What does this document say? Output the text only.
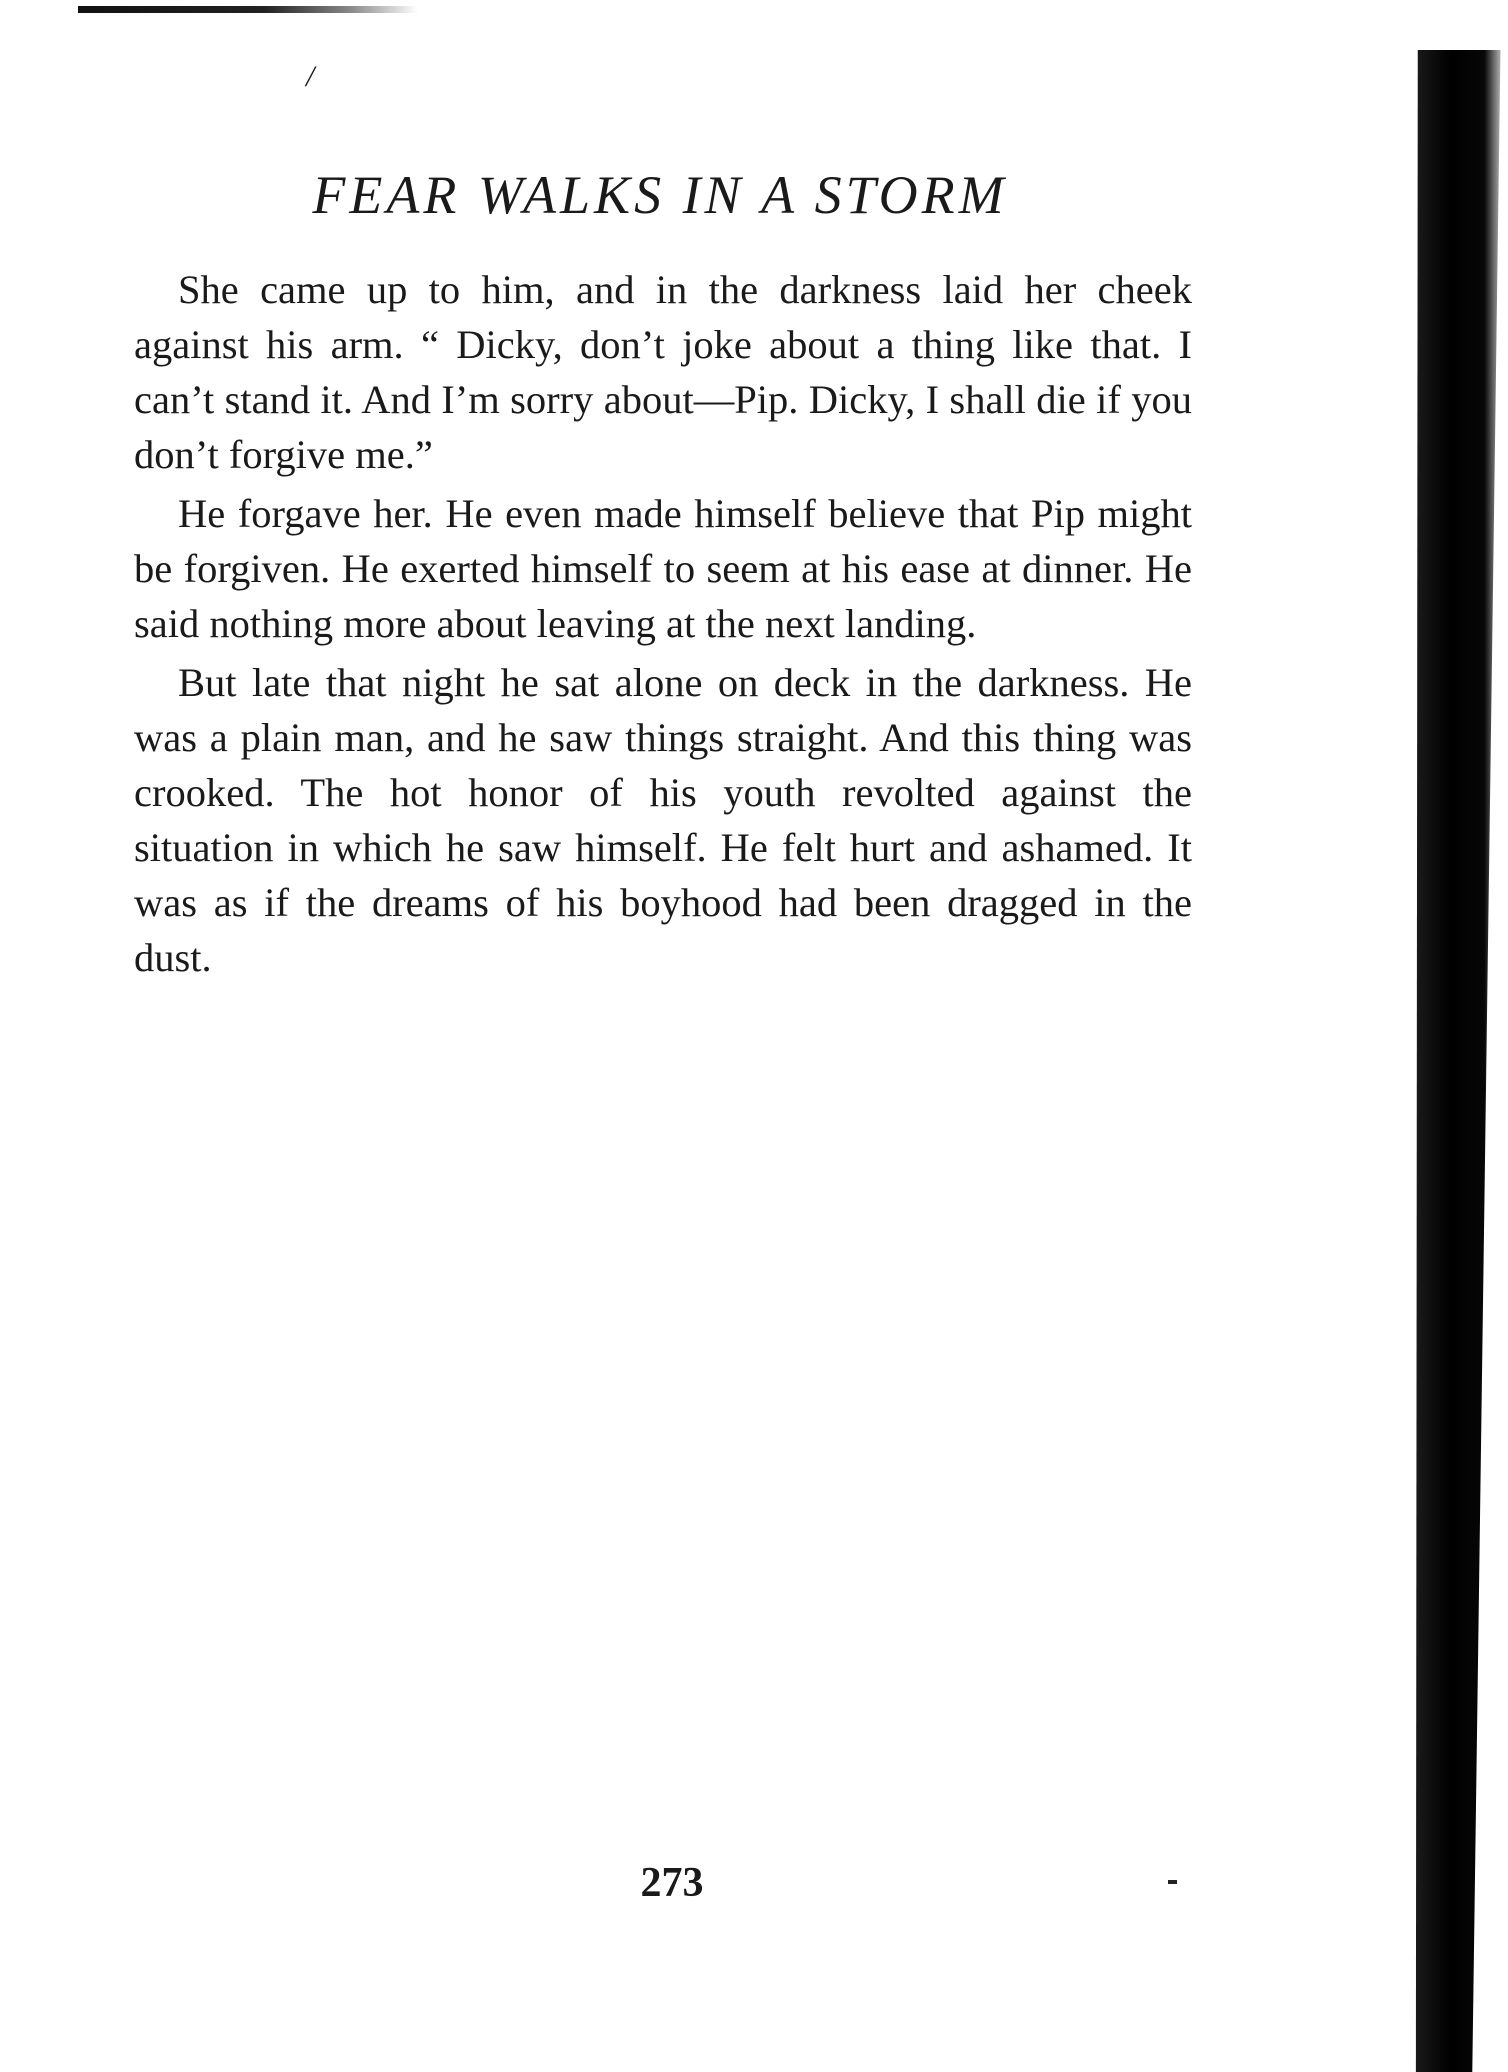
/
FEAR WALKS IN A STORM

She came up to him, and in the darkness laid her cheek against his arm. “ Dicky, don’t joke about a thing like that. I can’t stand it. And I’m sorry about—Pip. Dicky, I shall die if you don’t forgive me.”

He forgave her. He even made himself believe that Pip might be forgiven. He exerted himself to seem at his ease at dinner. He said nothing more about leaving at the next landing.

But late that night he sat alone on deck in the darkness. He was a plain man, and he saw things straight. And this thing was crooked. The hot honor of his youth revolted against the situation in which he saw himself. He felt hurt and ashamed. It was as if the dreams of his boyhood had been dragged in the dust.

273
